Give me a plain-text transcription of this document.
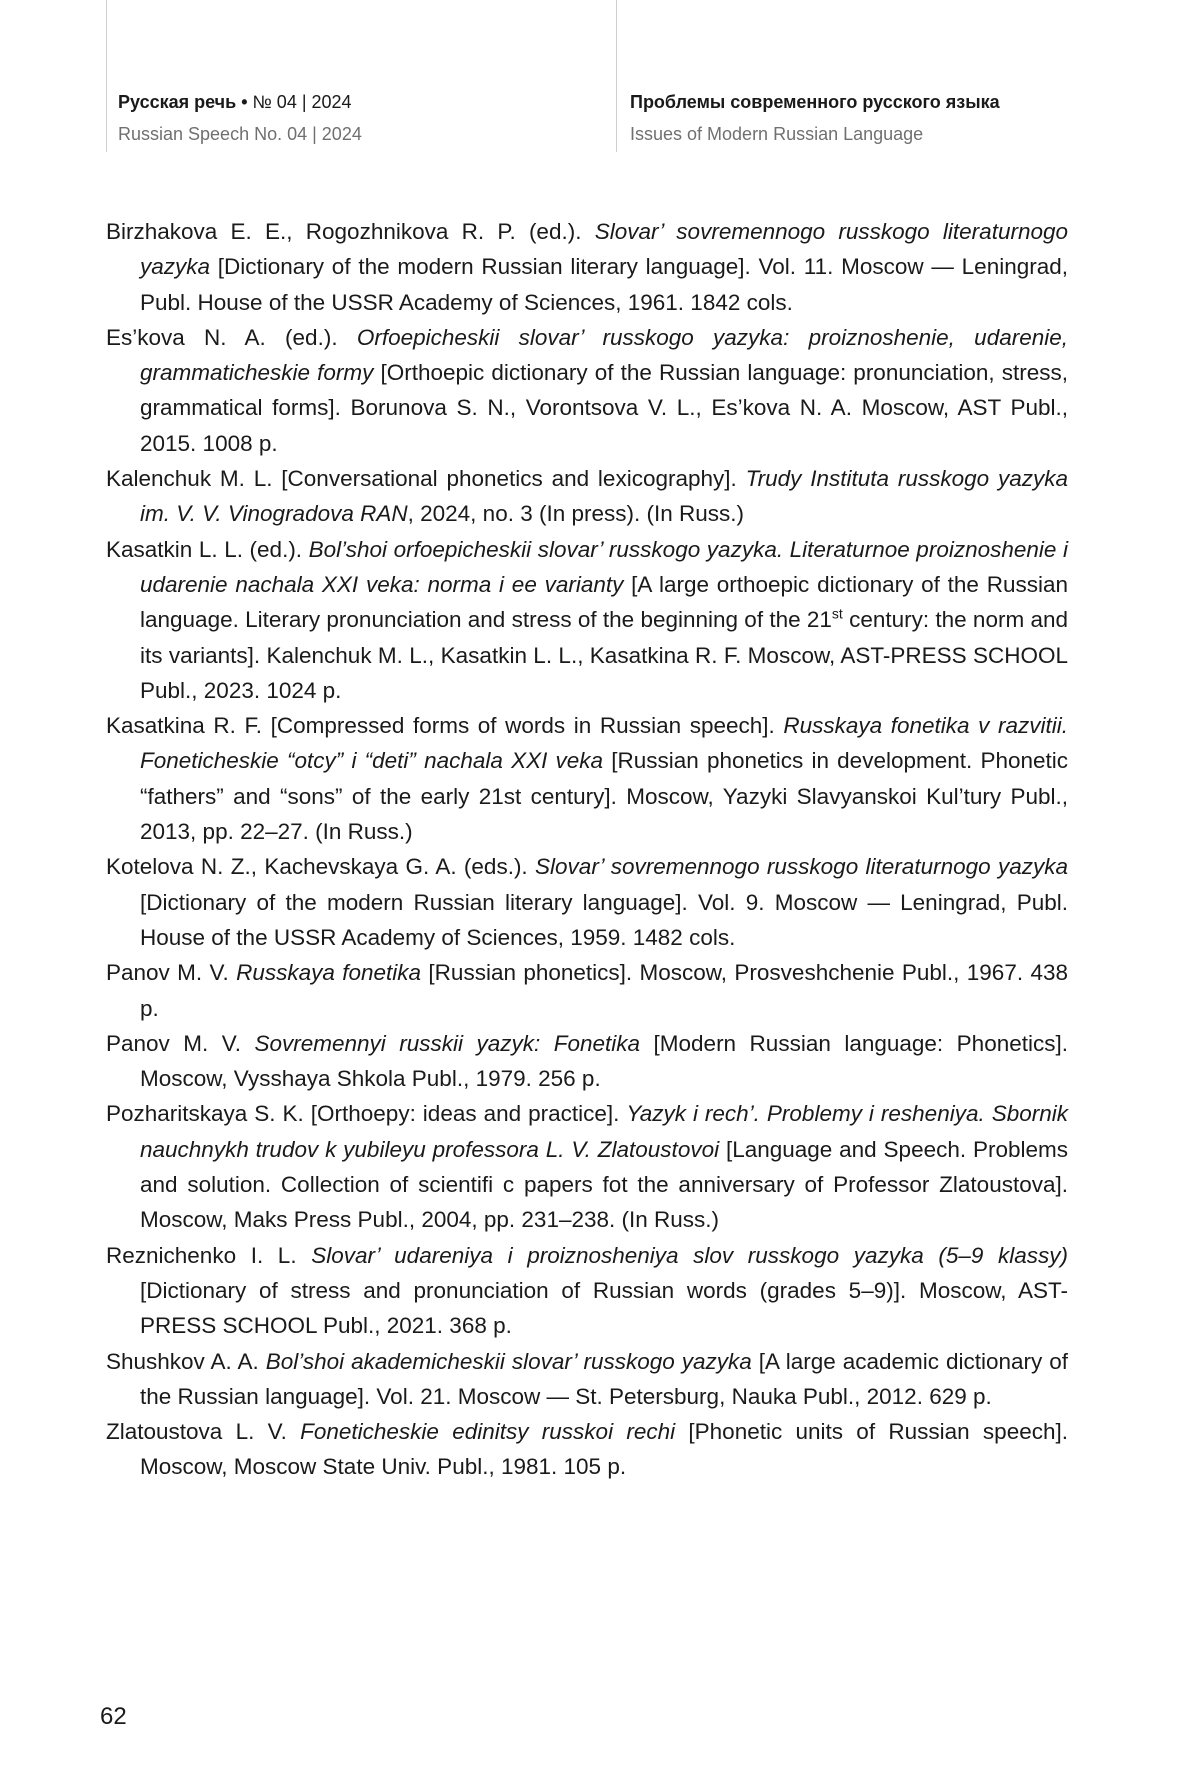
Русская речь • № 04 | 2024
Russian Speech No. 04 | 2024
Проблемы современного русского языка
Issues of Modern Russian Language

Birzhakova E. E., Rogozhnikova R. P. (ed.). Slovar’ sovremennogo russkogo literaturnogo yazyka [Dictionary of the modern Russian literary language]. Vol. 11. Moscow — Leningrad, Publ. House of the USSR Academy of Sciences, 1961. 1842 cols.

Es’kova N. A. (ed.). Orfoepicheskii slovar’ russkogo yazyka: proiznoshenie, udarenie, grammaticheskie formy [Orthoepic dictionary of the Russian language: pronunciation, stress, grammatical forms]. Borunova S. N., Vorontsova V. L., Es’kova N. A. Moscow, AST Publ., 2015. 1008 p.

Kalenchuk M. L. [Conversational phonetics and lexicography]. Trudy Instituta russkogo yazyka im. V. V. Vinogradova RAN, 2024, no. 3 (In press). (In Russ.)

Kasatkin L. L. (ed.). Bol’shoi orfoepicheskii slovar’ russkogo yazyka. Literaturnoe proiznoshenie i udarenie nachala XXI veka: norma i ee varianty [A large orthoepic dictionary of the Russian language. Literary pronunciation and stress of the beginning of the 21st century: the norm and its variants]. Kalenchuk M. L., Kasatkin L. L., Kasatkina R. F. Moscow, AST-PRESS SCHOOL Publ., 2023. 1024 p.

Kasatkina R. F. [Compressed forms of words in Russian speech]. Russkaya fonetika v razvitii. Foneticheskie “otcy” i “deti” nachala XXI veka [Russian phonetics in development. Phonetic “fathers” and “sons” of the early 21st century]. Moscow, Yazyki Slavyanskoi Kul’tury Publ., 2013, pp. 22–27. (In Russ.)

Kotelova N. Z., Kachevskaya G. A. (eds.). Slovar’ sovremennogo russkogo literaturnogo yazyka [Dictionary of the modern Russian literary language]. Vol. 9. Moscow — Leningrad, Publ. House of the USSR Academy of Sciences, 1959. 1482 cols.

Panov M. V. Russkaya fonetika [Russian phonetics]. Moscow, Prosveshchenie Publ., 1967. 438 p.

Panov M. V. Sovremennyi russkii yazyk: Fonetika [Modern Russian language: Phonetics]. Moscow, Vysshaya Shkola Publ., 1979. 256 p.

Pozharitskaya S. K. [Orthoepy: ideas and practice]. Yazyk i rech’. Problemy i resheniya. Sbornik nauchnykh trudov k yubileyu professora L. V. Zlatoustovoi [Language and Speech. Problems and solution. Collection of scientifi c papers fot the anniversary of Professor Zlatoustova]. Moscow, Maks Press Publ., 2004, pp. 231–238. (In Russ.)

Reznichenko I. L. Slovar’ udareniya i proiznosheniya slov russkogo yazyka (5–9 klassy) [Dictionary of stress and pronunciation of Russian words (grades 5–9)]. Moscow, AST-PRESS SCHOOL Publ., 2021. 368 p.

Shushkov A. A. Bol’shoi akademicheskii slovar’ russkogo yazyka [A large academic dictionary of the Russian language]. Vol. 21. Moscow — St. Petersburg, Nauka Publ., 2012. 629 p.

Zlatoustova L. V. Foneticheskie edinitsy russkoi rechi [Phonetic units of Russian speech]. Moscow, Moscow State Univ. Publ., 1981. 105 p.

62
